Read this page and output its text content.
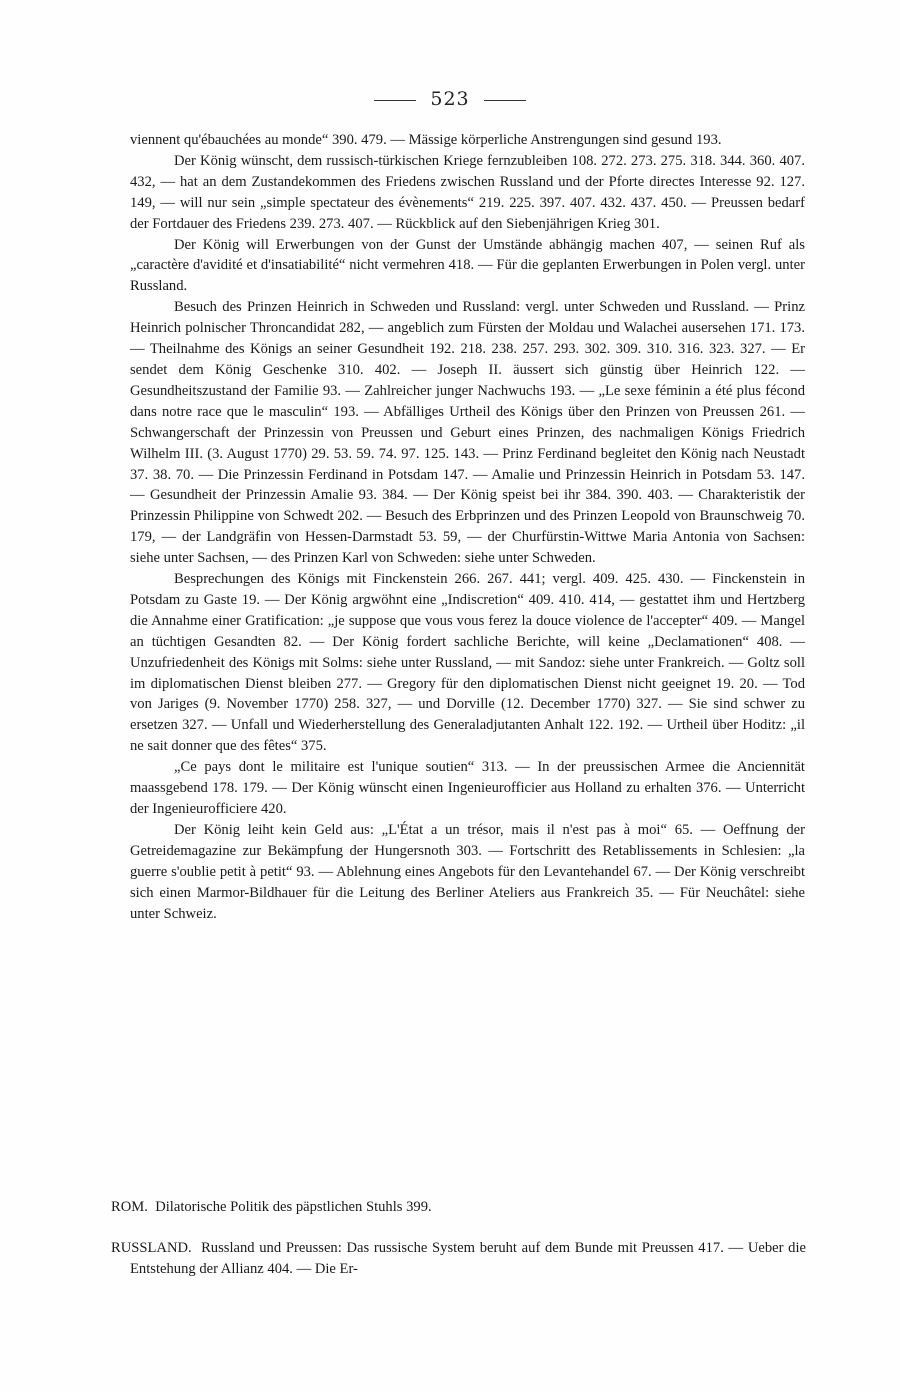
523

viennent qu'ébauchées au monde“ 390. 479. — Mässige körperliche Anstrengungen sind gesund 193.

Der König wünscht, dem russisch-türkischen Kriege fernzubleiben 108. 272. 273. 275. 318. 344. 360. 407. 432, — hat an dem Zustandekommen des Friedens zwischen Russland und der Pforte directes Interesse 92. 127. 149, — will nur sein „simple spectateur des évènements“ 219. 225. 397. 407. 432. 437. 450. — Preussen bedarf der Fortdauer des Friedens 239. 273. 407. — Rückblick auf den Siebenjährigen Krieg 301.

Der König will Erwerbungen von der Gunst der Umstände abhängig machen 407, — seinen Ruf als „caractère d'avidité et d'insatiabilité“ nicht vermehren 418. — Für die geplanten Erwerbungen in Polen vergl. unter Russland.

Besuch des Prinzen Heinrich in Schweden und Russland: vergl. unter Schweden und Russland. — Prinz Heinrich polnischer Throncandidat 282, — angeblich zum Fürsten der Moldau und Walachei ausersehen 171. 173. — Theilnahme des Königs an seiner Gesundheit 192. 218. 238. 257. 293. 302. 309. 310. 316. 323. 327. — Er sendet dem König Geschenke 310. 402. — Joseph II. äussert sich günstig über Heinrich 122. — Gesundheitszustand der Familie 93. — Zahlreicher junger Nachwuchs 193. — „Le sexe féminin a été plus fécond dans notre race que le masculin“ 193. — Abfälliges Urtheil des Königs über den Prinzen von Preussen 261. — Schwangerschaft der Prinzessin von Preussen und Geburt eines Prinzen, des nachmaligen Königs Friedrich Wilhelm III. (3. August 1770) 29. 53. 59. 74. 97. 125. 143. — Prinz Ferdinand begleitet den König nach Neustadt 37. 38. 70. — Die Prinzessin Ferdinand in Potsdam 147. — Amalie und Prinzessin Heinrich in Potsdam 53. 147. — Gesundheit der Prinzessin Amalie 93. 384. — Der König speist bei ihr 384. 390. 403. — Charakteristik der Prinzessin Philippine von Schwedt 202. — Besuch des Erbprinzen und des Prinzen Leopold von Braunschweig 70. 179, — der Landgräfin von Hessen-Darmstadt 53. 59, — der Churfürstin-Wittwe Maria Antonia von Sachsen: siehe unter Sachsen, — des Prinzen Karl von Schweden: siehe unter Schweden.

Besprechungen des Königs mit Finckenstein 266. 267. 441; vergl. 409. 425. 430. — Finckenstein in Potsdam zu Gaste 19. — Der König argwöhnt eine „Indiscretion“ 409. 410. 414, — gestattet ihm und Hertzberg die Annahme einer Gratification: „je suppose que vous vous ferez la douce violence de l'accepter“ 409. — Mangel an tüchtigen Gesandten 82. — Der König fordert sachliche Berichte, will keine „Declamationen“ 408. — Unzufriedenheit des Königs mit Solms: siehe unter Russland, — mit Sandoz: siehe unter Frankreich. — Goltz soll im diplomatischen Dienst bleiben 277. — Gregory für den diplomatischen Dienst nicht geeignet 19. 20. — Tod von Jariges (9. November 1770) 258. 327, — und Dorville (12. December 1770) 327. — Sie sind schwer zu ersetzen 327. — Unfall und Wiederherstellung des Generaladjutanten Anhalt 122. 192. — Urtheil über Hoditz: „il ne sait donner que des fêtes“ 375.

„Ce pays dont le militaire est l'unique soutien“ 313. — In der preussischen Armee die Anciennität maassgebend 178. 179. — Der König wünscht einen Ingenieurofficier aus Holland zu erhalten 376. — Unterricht der Ingenieurofficiere 420.

Der König leiht kein Geld aus: „L'État a un trésor, mais il n'est pas à moi“ 65. — Oeffnung der Getreidemagazine zur Bekämpfung der Hungersnoth 303. — Fortschritt des Retablissements in Schlesien: „la guerre s'oublie petit à petit“ 93. — Ablehnung eines Angebots für den Levantehandel 67. — Der König verschreibt sich einen Marmor-Bildhauer für die Leitung des Berliner Ateliers aus Frankreich 35. — Für Neuchâtel: siehe unter Schweiz.

ROM. Dilatorische Politik des päpstlichen Stuhls 399.
RUSSLAND. Russland und Preussen: Das russische System beruht auf dem Bunde mit Preussen 417. — Ueber die Entstehung der Allianz 404. — Die Er-
